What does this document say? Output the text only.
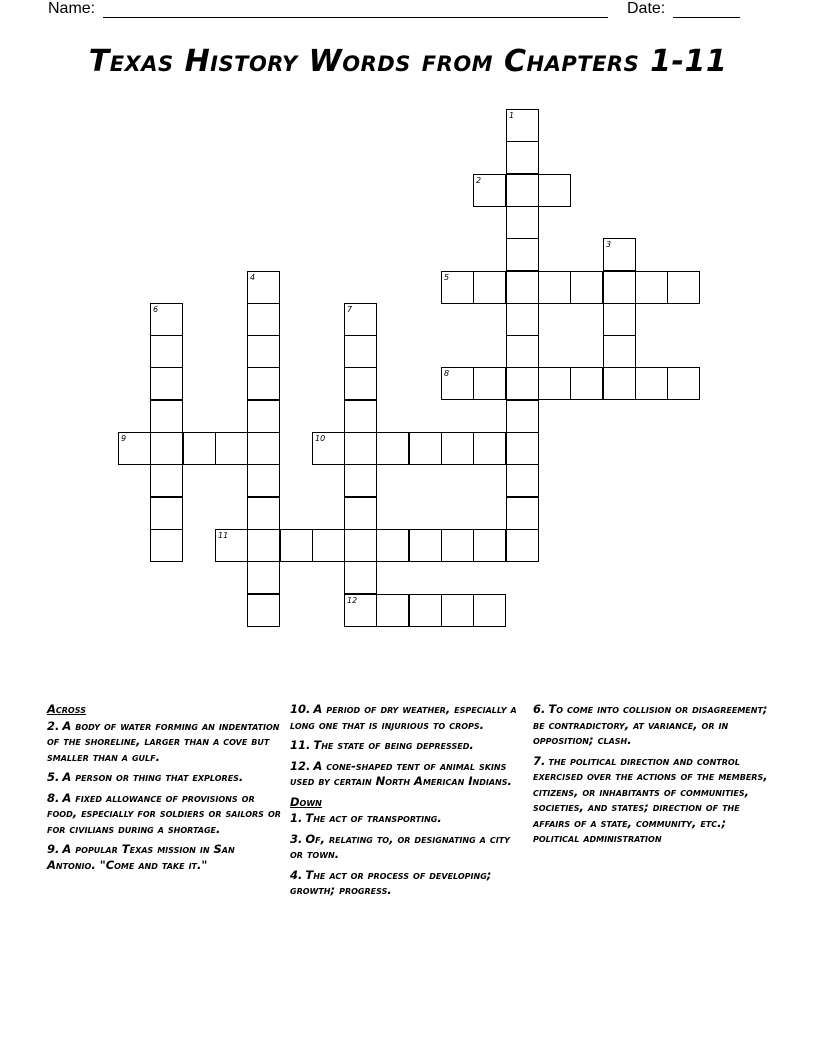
Name:	Date:
Texas History Words from Chapters 1-11
1
2
3
4	5
6	7
12
8
9	10
11
Across
2. A body of water forming an indentation of the shoreline, larger than a cove but smaller than a gulf.
5. A person or thing that explores.
8. A fixed allowance of provisions or food, especially for soldiers or sailors or for civilians during a shortage.
9. A popular Texas mission in San Antonio. "Come and take it."
10. A period of dry weather, especially a long one that is injurious to crops.
11. The state of being depressed.
12. A cone-shaped tent of animal skins used by certain North American Indians.
Down
1. The act of transporting.
3. Of, relating to, or designating a city or town.
4. The act or process of developing; growth; progress.
6. To come into collision or disagreement; be contradictory, at variance, or in opposition; clash.
7. the political direction and control exercised over the actions of the members, citizens, or inhabitants of communities, societies, and states; direction of the affairs of a state, community, etc.; political administration
